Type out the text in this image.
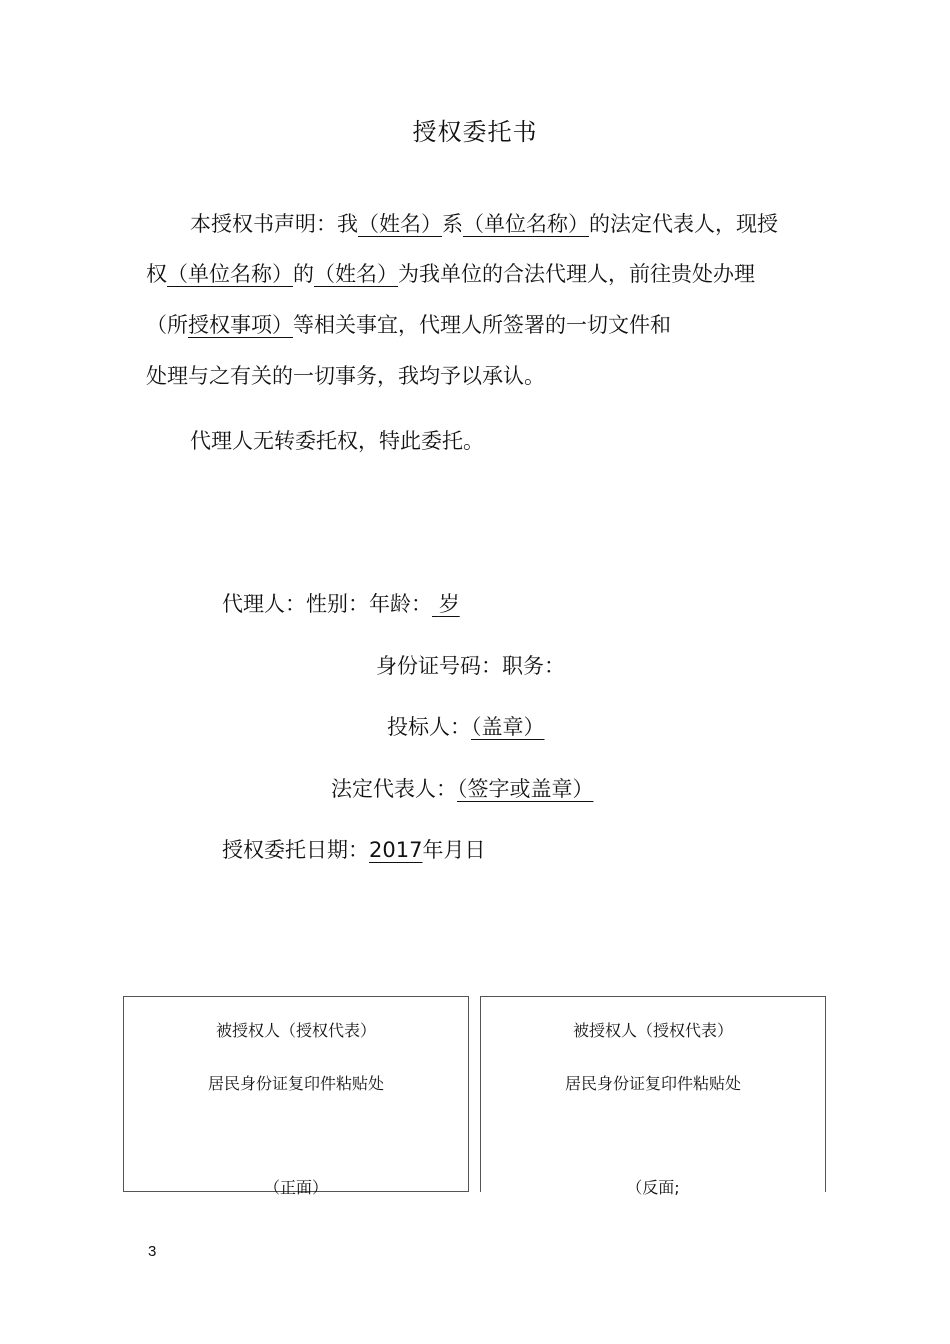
授权委托书
本授权书声明：我（姓名）系（单位名称）的法定代表人，现授
权（单位名称）的（姓名）为我单位的合法代理人，前往贵处办理
（所授权事项）等相关事宜，代理人所签署的一切文件和
处理与之有关的一切事务，我均予以承认。
代理人无转委托权，特此委托。
代理人：性别：年龄： 岁
身份证号码：职务：
投标人：（盖章）
法定代表人：（签字或盖章）
授权委托日期：2017年月日
被授权人（授权代表）
居民身份证复印件粘贴处
（正面）
被授权人（授权代表）
居民身份证复印件粘贴处
（反面;
3
